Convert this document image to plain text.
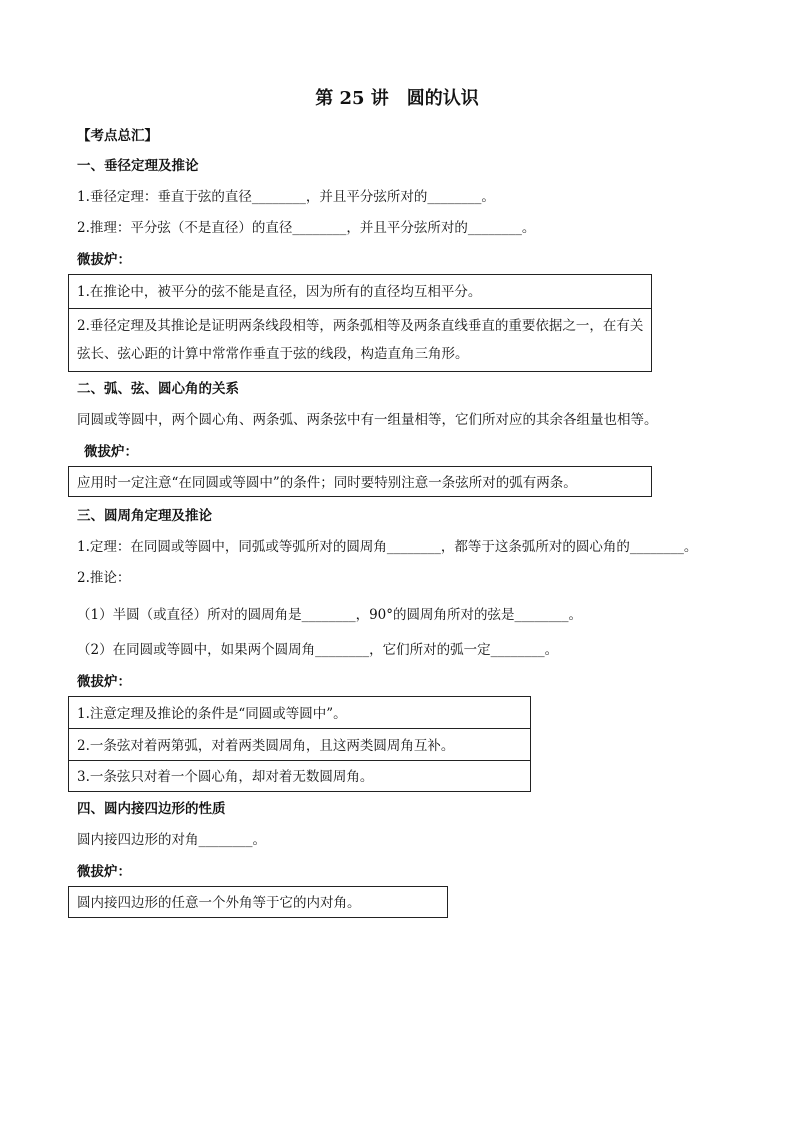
第 25 讲　圆的认识
【考点总汇】
一、垂径定理及推论
1.垂径定理：垂直于弦的直径________，并且平分弦所对的________。
2.推理：平分弦（不是直径）的直径________，并且平分弦所对的________。
微拔炉：
1.在推论中，被平分的弦不能是直径，因为所有的直径均互相平分。
2.垂径定理及其推论是证明两条线段相等，两条弧相等及两条直线垂直的重要依据之一，在有关弦长、弦心距的计算中常常作垂直于弦的线段，构造直角三角形。
二、弧、弦、圆心角的关系
同圆或等圆中，两个圆心角、两条弧、两条弦中有一组量相等，它们所对应的其余各组量也相等。
微拔炉：
应用时一定注意“在同圆或等圆中”的条件；同时要特别注意一条弦所对的弧有两条。
三、圆周角定理及推论
1.定理：在同圆或等圆中，同弧或等弧所对的圆周角________，都等于这条弧所对的圆心角的________。
2.推论：
（1）半圆（或直径）所对的圆周角是________，90°的圆周角所对的弦是________。
（2）在同圆或等圆中，如果两个圆周角________，它们所对的弧一定________。
微拔炉：
1.注意定理及推论的条件是“同圆或等圆中”。
2.一条弦对着两第弧，对着两类圆周角，且这两类圆周角互补。
3.一条弦只对着一个圆心角，却对着无数圆周角。
四、圆内接四边形的性质
圆内接四边形的对角________。
微拔炉：
圆内接四边形的任意一个外角等于它的内对角。
